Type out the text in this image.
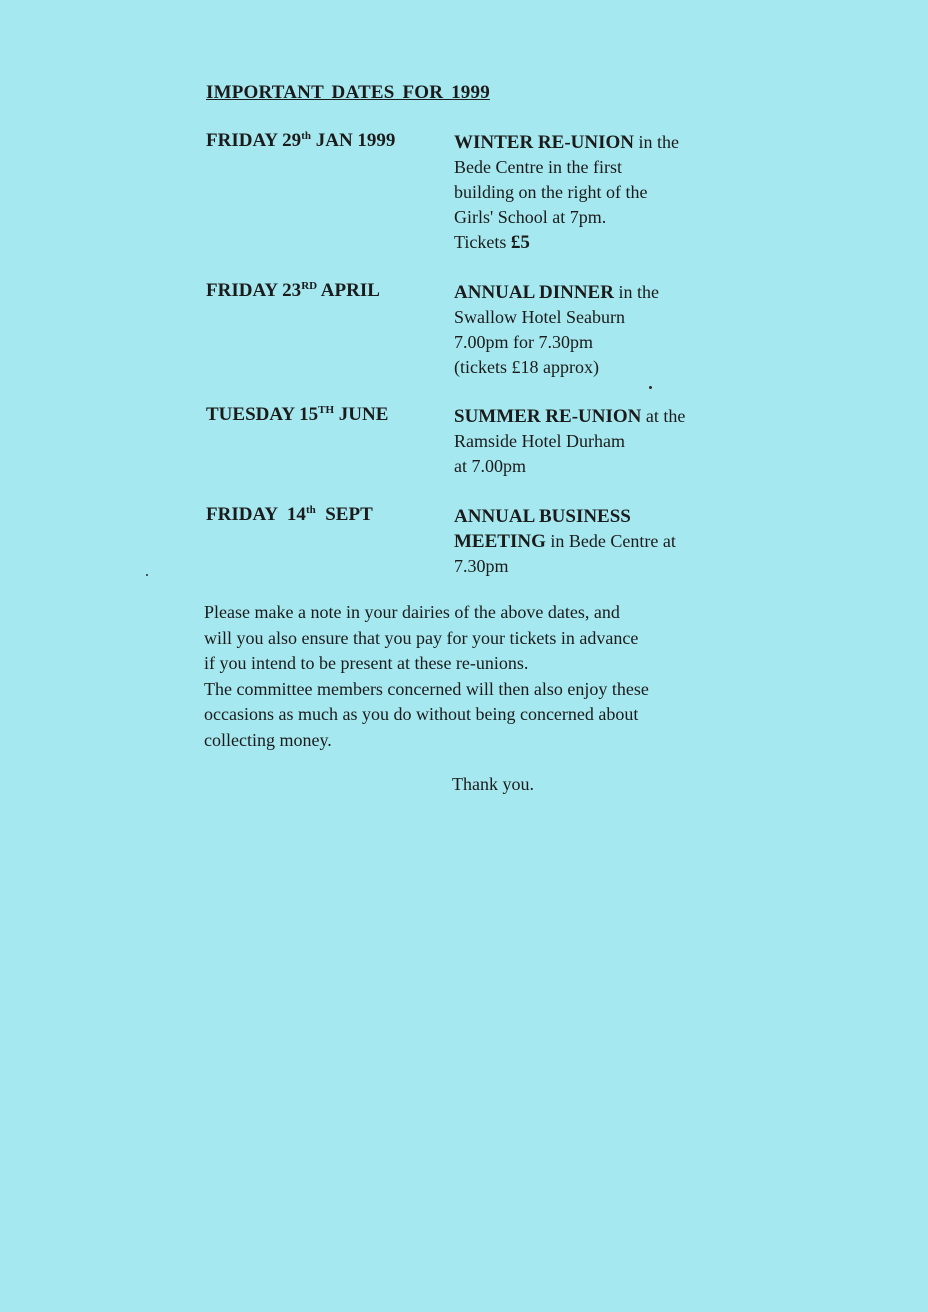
IMPORTANT DATES FOR 1999
FRIDAY 29th JAN 1999	WINTER RE-UNION in the
Bede Centre in the first
building on the right of the
Girls' School at 7pm.
Tickets £5
FRIDAY 23RD APRIL	ANNUAL DINNER in the
Swallow Hotel Seaburn
7.00pm for 7.30pm
(tickets £18 approx)
TUESDAY 15TH JUNE	SUMMER RE-UNION at the
Ramside Hotel Durham
at 7.00pm
FRIDAY  14th  SEPT	ANNUAL BUSINESS
MEETING in Bede Centre at
7.30pm
Please make a note in your dairies of the above dates, and
will you also ensure that you pay for your tickets in advance
if you intend to be present at these re-unions.
The committee members concerned will then also enjoy these
occasions as much as you do without being concerned about
collecting money.
Thank you.
